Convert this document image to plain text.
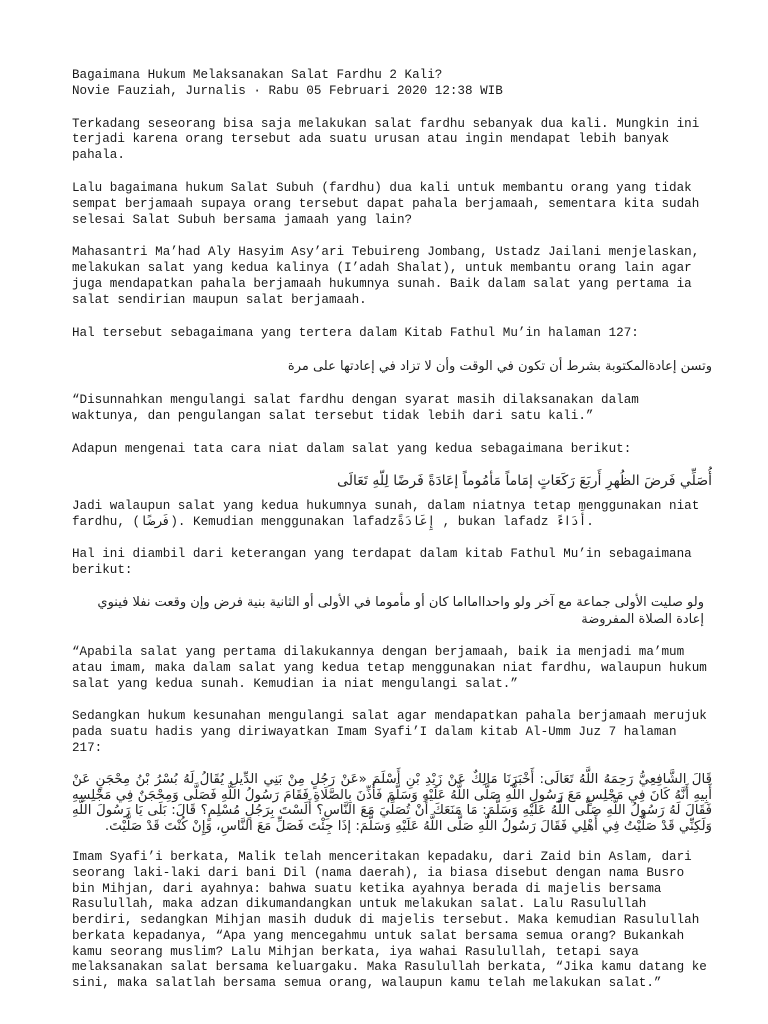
Bagaimana Hukum Melaksanakan Salat Fardhu 2 Kali?
Novie Fauziah, Jurnalis · Rabu 05 Februari 2020 12:38 WIB

Terkadang seseorang bisa saja melakukan salat fardhu sebanyak dua kali. Mungkin ini terjadi karena orang tersebut ada suatu urusan atau ingin mendapat lebih banyak pahala.

Lalu bagaimana hukum Salat Subuh (fardhu) dua kali untuk membantu orang yang tidak sempat berjamaah supaya orang tersebut dapat pahala berjamaah, sementara kita sudah selesai Salat Subuh bersama jamaah yang lain?

Mahasantri Ma’had Aly Hasyim Asy’ari Tebuireng Jombang, Ustadz Jailani menjelaskan, melakukan salat yang kedua kalinya (I’adah Shalat), untuk membantu orang lain agar juga mendapatkan pahala berjamaah hukumnya sunah. Baik dalam salat yang pertama ia salat sendirian maupun salat berjamaah.

Hal tersebut sebagaimana yang tertera dalam Kitab Fathul Mu’in halaman 127:

وتسن إعادةالمكتوبة بشرط أن تكون في الوقت وأن لا تزاد في إعادتها على مرة

“Disunnahkan mengulangi salat fardhu dengan syarat masih dilaksanakan dalam waktunya, dan pengulangan salat tersebut tidak lebih dari satu kali.”

Adapun mengenai tata cara niat dalam salat yang kedua sebagaimana berikut:

أُصَلِّي فَرضَ الظُهرِ أَربَعَ رَكَعَاتٍ إمَاماً مَأمُوماً إعَادَةً فَرضًا لِلّهِ تَعَالَى

Jadi walaupun salat yang kedua hukumnya sunah, dalam niatnya tetap menggunakan niat fardhu, (فَرضًا). Kemudian menggunakan lafadzإِعَادَةً , bukan lafadz أَدَاءً.

Hal ini diambil dari keterangan yang terdapat dalam kitab Fathul Mu’in sebagaimana berikut:

ولو صليت الأولى جماعة مع آخر ولو واحداامااما كان أو مأموما في الأولى أو الثانية بنية فرض وإن وقعت نفلا فينوي إعادة الصلاة المفروضة

“Apabila salat yang pertama dilakukannya dengan berjamaah, baik ia menjadi ma’mum atau imam, maka dalam salat yang kedua tetap menggunakan niat fardhu, walaupun hukum salat yang kedua sunah. Kemudian ia niat mengulangi salat.”

Sedangkan hukum kesunahan mengulangi salat agar mendapatkan pahala berjamaah merujuk pada suatu hadis yang diriwayatkan Imam Syafi’I dalam kitab Al-Umm Juz 7 halaman 217:

قَالَ الشَّافِعِيُّ رَحِمَهُ اللَّهُ تَعَالَى: أَخْبَرَنَا مَالِكٌ عَنْ زَيْدِ بْنِ أَسْلَمَ «عَنْ رَجُلٍ مِنْ بَنِي الدِّيلِ يُقَالُ لَهُ بُسْرُ بْنُ مِحْجَنٍ عَنْ أَبِيهِ أَنَّهُ كَانَ فِي مَجْلِسٍ مَعَ رَسُولِ اللَّهِ صَلَّى اللَّهُ عَلَيْهِ وَسَلَّمَ فَأُذِّنَ بِالصَّلَاةِ فَقَامَ رَسُولُ اللَّهِ فَصَلَّى وَمِحْجَنٌ فِي مَجْلِسِهِ فَقَالَ لَهُ رَسُولُ اللَّهِ صَلَّى اللَّهُ عَلَيْهِ وَسَلَّمَ: مَا مَنَعَكَ أَنْ تُصَلِّيَ مَعَ النَّاسِ؟ أَلَسْتَ بِرَجُلٍ مُسْلِمٍ؟ قَالَ: بَلَى يَا رَسُولَ اللَّهِ وَلَكِنِّي قَدْ صَلَّيْتُ فِي أَهْلِي فَقَالَ رَسُولُ اللَّهِ صَلَّى اللَّهُ عَلَيْهِ وَسَلَّمَ: إذَا جِئْتَ فَصَلِّ مَعَ النَّاسِ، وَإِنْ كُنْتَ قَدْ صَلَّيْتَ.

Imam Syafi’i berkata, Malik telah menceritakan kepadaku, dari Zaid bin Aslam, dari seorang laki-laki dari bani Dil (nama daerah), ia biasa disebut dengan nama Busro bin Mihjan, dari ayahnya: bahwa suatu ketika ayahnya berada di majelis bersama Rasulullah, maka adzan dikumandangkan untuk melakukan salat. Lalu Rasulullah berdiri, sedangkan Mihjan masih duduk di majelis tersebut. Maka kemudian Rasulullah berkata kepadanya, “Apa yang mencegahmu untuk salat bersama semua orang? Bukankah kamu seorang muslim? Lalu Mihjan berkata, iya wahai Rasulullah, tetapi saya melaksanakan salat bersama keluargaku. Maka Rasulullah berkata, “Jika kamu datang ke sini, maka salatlah bersama semua orang, walaupun kamu telah melakukan salat.”
